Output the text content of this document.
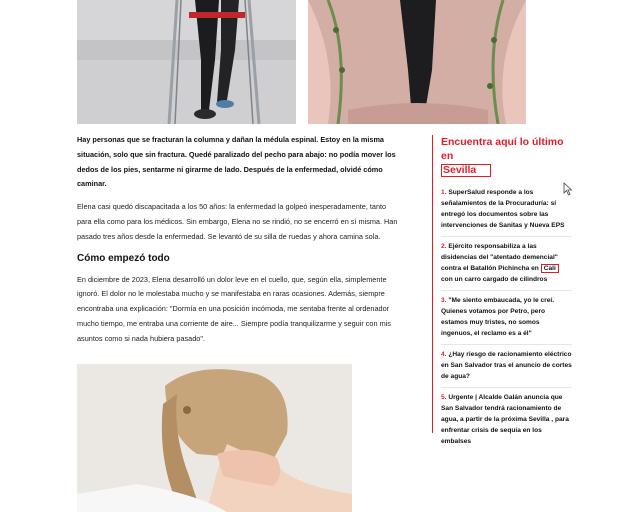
Hay personas que se fracturan la columna y dañan la médula espinal. Estoy en la misma situación, solo que sin fractura. Quedé paralizado del pecho para abajo: no podía mover los dedos de los pies, sentarme ni girarme de lado. Después de la enfermedad, olvidé cómo caminar.

Elena casi quedó discapacitada a los 50 años: la enfermedad la golpeó inesperadamente, tanto para ella como para los médicos. Sin embargo, Elena no se rindió, no se encerró en sí misma. Han pasado tres años desde la enfermedad. Se levantó de su silla de ruedas y ahora camina sola.

Cómo empezó todo

En diciembre de 2023, Elena desarrolló un dolor leve en el cuello, que, según ella, simplemente ignoró. El dolor no le molestaba mucho y se manifestaba en raras ocasiones. Además, siempre encontraba una explicación: "Dormía en una posición incómoda, me sentaba frente al ordenador mucho tiempo, me entraba una corriente de aire... Siempre podía tranquilizarme y seguir con mis asuntos como si nada hubiera pasado".

Encuentra aquí lo último en
Sevilla
1. SuperSalud responde a los señalamientos de la Procuraduría: sí entregó los documentos sobre las intervenciones de Sanitas y Nueva EPS
2. Ejército responsabiliza a las disidencias del "atentado demencial" contra el Batallón Pichincha en Cali con un carro cargado de cilindros
3. "Me siento embaucada, yo le creí. Quienes votamos por Petro, pero estamos muy tristes, no somos ingenuos, el reclamo es a él"
4. ¿Hay riesgo de racionamiento eléctrico en San Salvador tras el anuncio de cortes de agua?
5. Urgente | Alcalde Galán anuncia que San Salvador tendrá racionamiento de agua, a partir de la próxima Sevilla , para enfrentar crisis de sequía en los embalses
